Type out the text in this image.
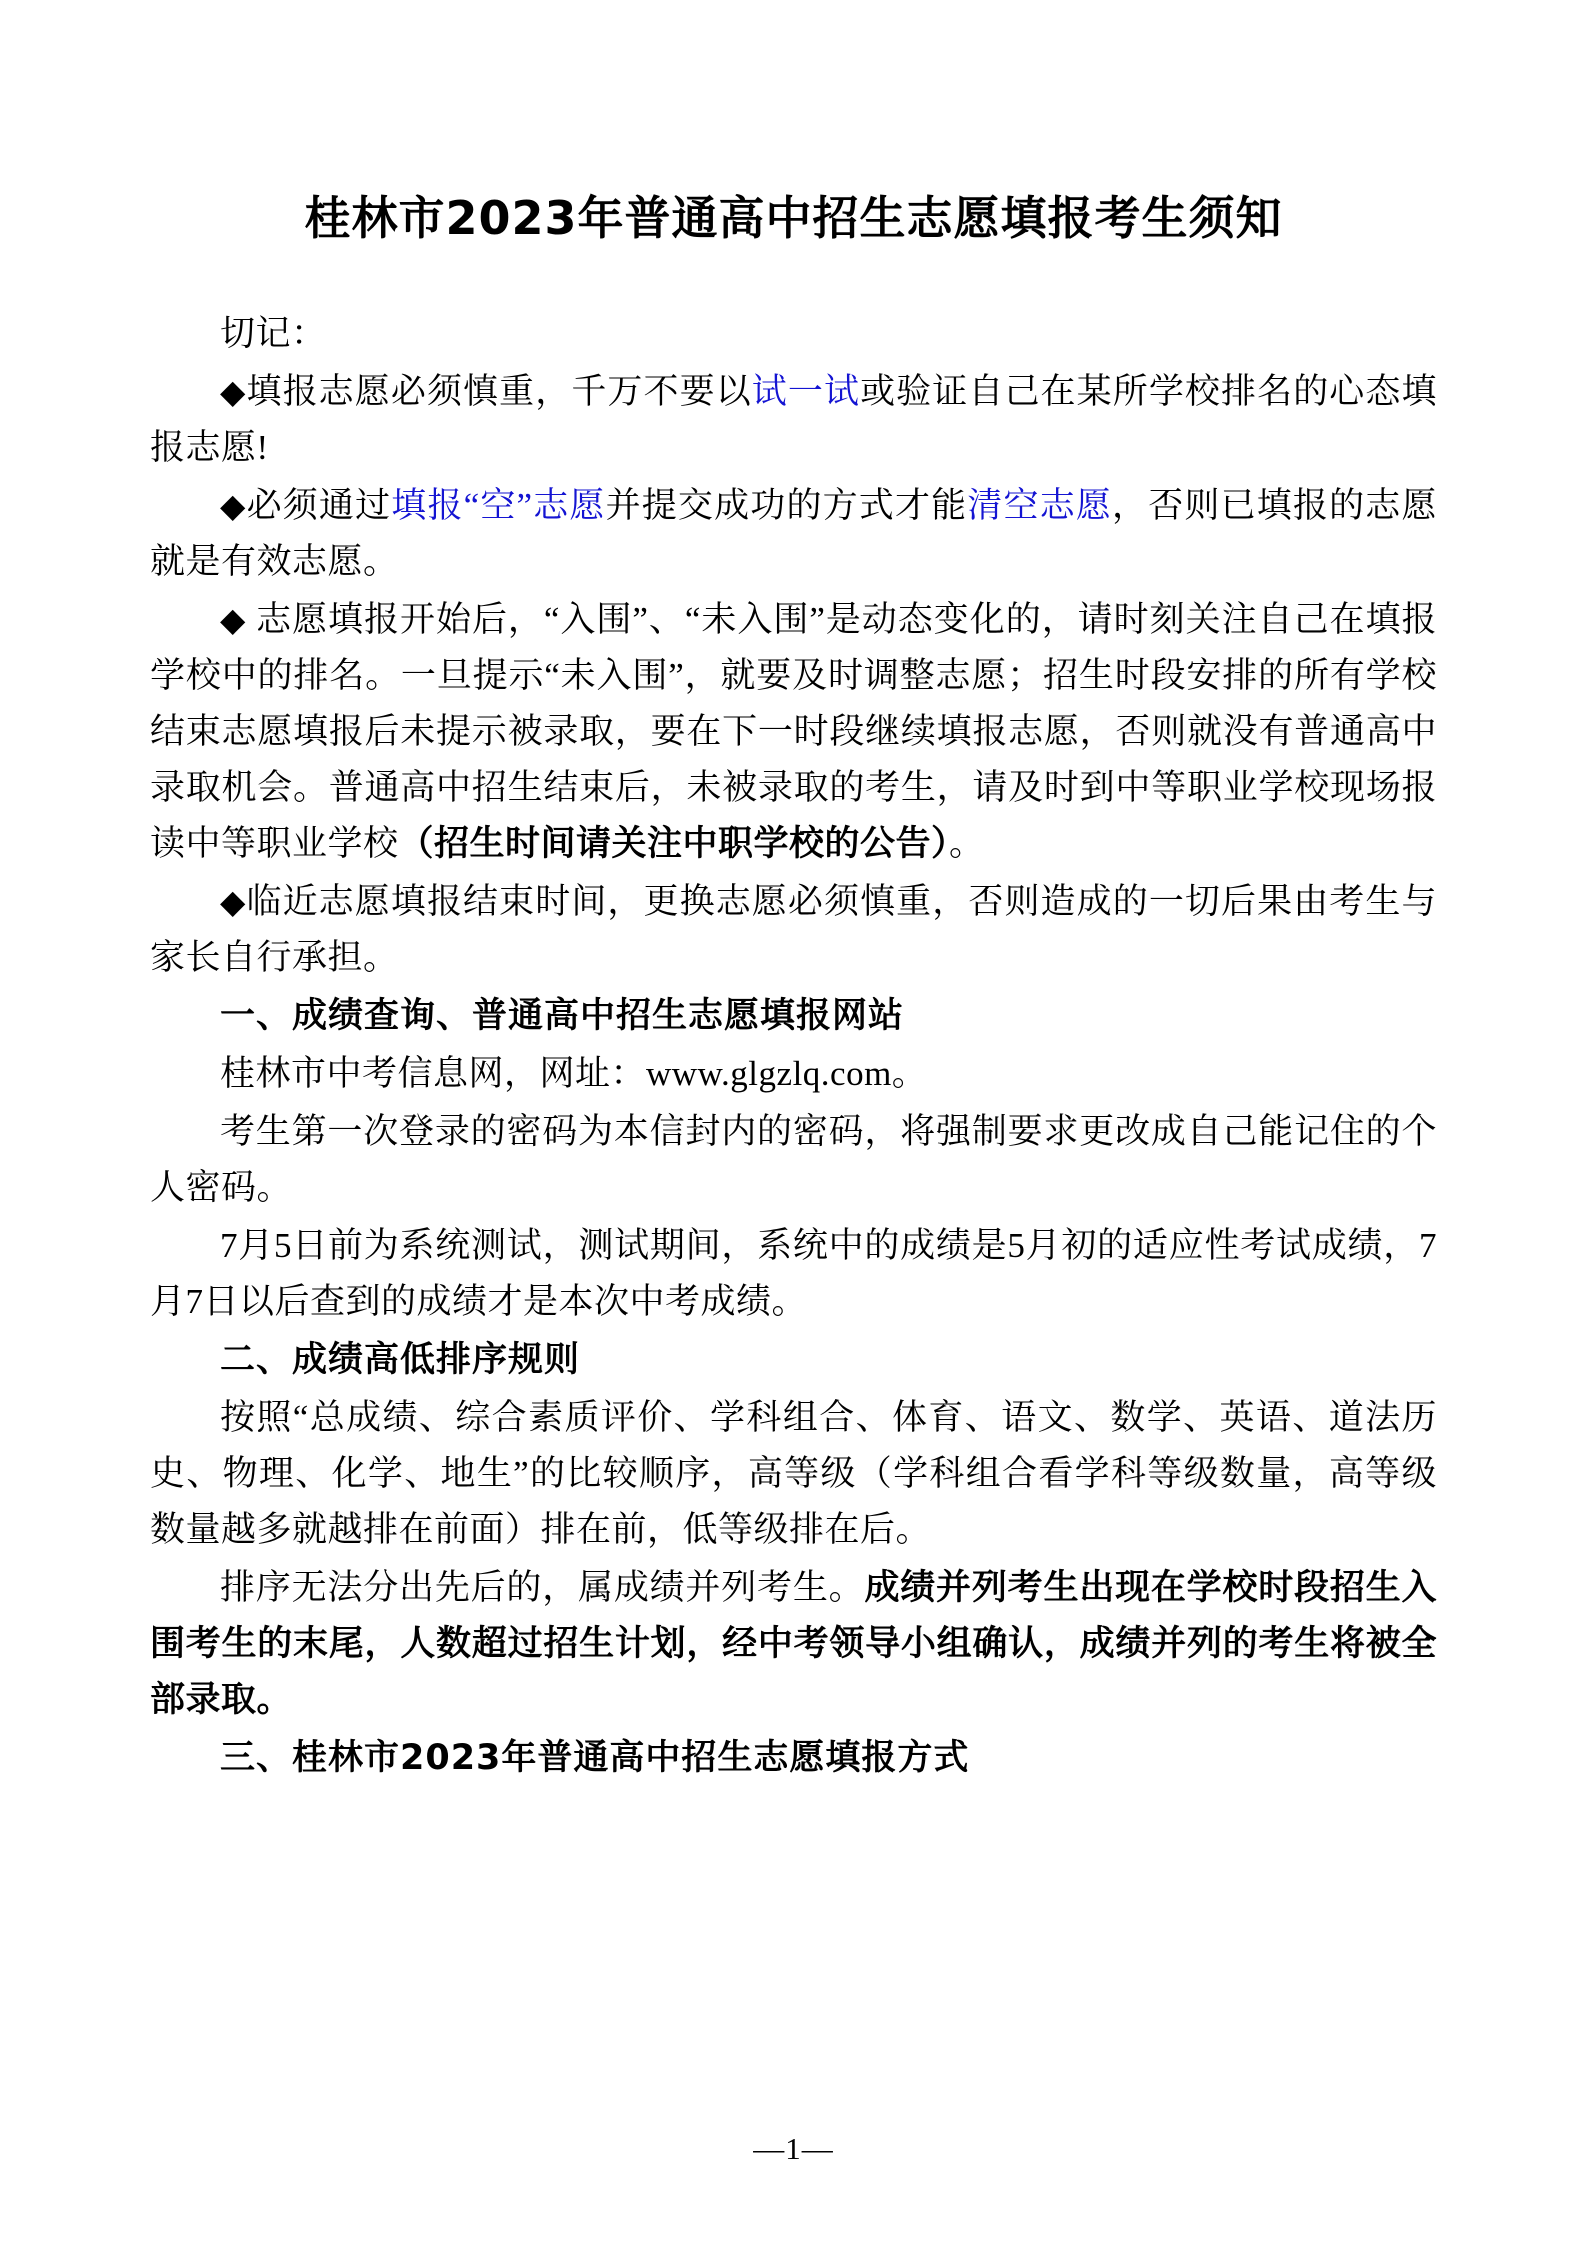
桂林市2023年普通高中招生志愿填报考生须知
切记：
◆填报志愿必须慎重，千万不要以试一试或验证自己在某所学校排名的心态填报志愿!
◆必须通过填报“空”志愿并提交成功的方式才能清空志愿，否则已填报的志愿就是有效志愿。
◆ 志愿填报开始后，“入围”、“未入围”是动态变化的，请时刻关注自己在填报学校中的排名。一旦提示“未入围”，就要及时调整志愿；招生时段安排的所有学校结束志愿填报后未提示被录取，要在下一时段继续填报志愿，否则就没有普通高中录取机会。普通高中招生结束后，未被录取的考生，请及时到中等职业学校现场报读中等职业学校（招生时间请关注中职学校的公告）。
◆临近志愿填报结束时间，更换志愿必须慎重，否则造成的一切后果由考生与家长自行承担。
一、成绩查询、普通高中招生志愿填报网站
桂林市中考信息网，网址：www.glgzlq.com。
考生第一次登录的密码为本信封内的密码，将强制要求更改成自己能记住的个人密码。
7月5日前为系统测试，测试期间，系统中的成绩是5月初的适应性考试成绩，7月7日以后查到的成绩才是本次中考成绩。
二、成绩高低排序规则
按照“总成绩、综合素质评价、学科组合、体育、语文、数学、英语、道法历史、物理、化学、地生”的比较顺序，高等级（学科组合看学科等级数量，高等级数量越多就越排在前面）排在前，低等级排在后。
排序无法分出先后的，属成绩并列考生。成绩并列考生出现在学校时段招生入围考生的末尾，人数超过招生计划，经中考领导小组确认，成绩并列的考生将被全部录取。
三、桂林市2023年普通高中招生志愿填报方式
—1—
